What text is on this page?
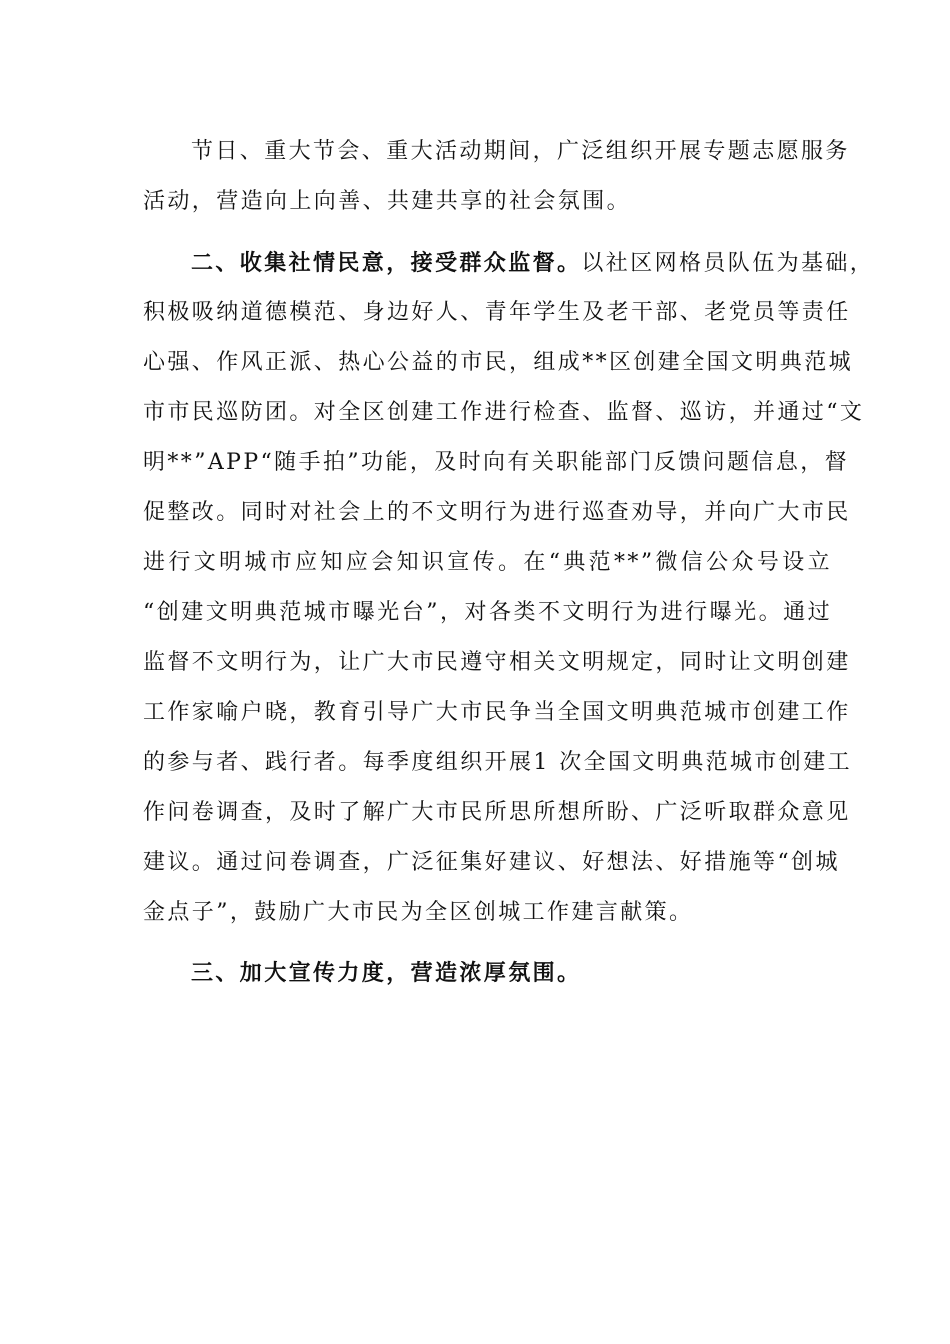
节日、重大节会、重大活动期间，广泛组织开展专题志愿服务
活动，营造向上向善、共建共享的社会氛围。
二、收集社情民意，接受群众监督。以社区网格员队伍为基础，
积极吸纳道德模范、身边好人、青年学生及老干部、老党员等责任
心强、作风正派、热心公益的市民，组成**区创建全国文明典范城
市市民巡防团。对全区创建工作进行检查、监督、巡访，并通过“文
明**”APP“随手拍”功能，及时向有关职能部门反馈问题信息，督
促整改。同时对社会上的不文明行为进行巡查劝导，并向广大市民
进行文明城市应知应会知识宣传。在“典范**”微信公众号设立
“创建文明典范城市曝光台”，对各类不文明行为进行曝光。通过
监督不文明行为，让广大市民遵守相关文明规定，同时让文明创建
工作家喻户晓，教育引导广大市民争当全国文明典范城市创建工作
的参与者、践行者。每季度组织开展1 次全国文明典范城市创建工
作问卷调查，及时了解广大市民所思所想所盼、广泛听取群众意见
建议。通过问卷调查，广泛征集好建议、好想法、好措施等“创城
金点子”，鼓励广大市民为全区创城工作建言献策。
三、加大宣传力度，营造浓厚氛围。
